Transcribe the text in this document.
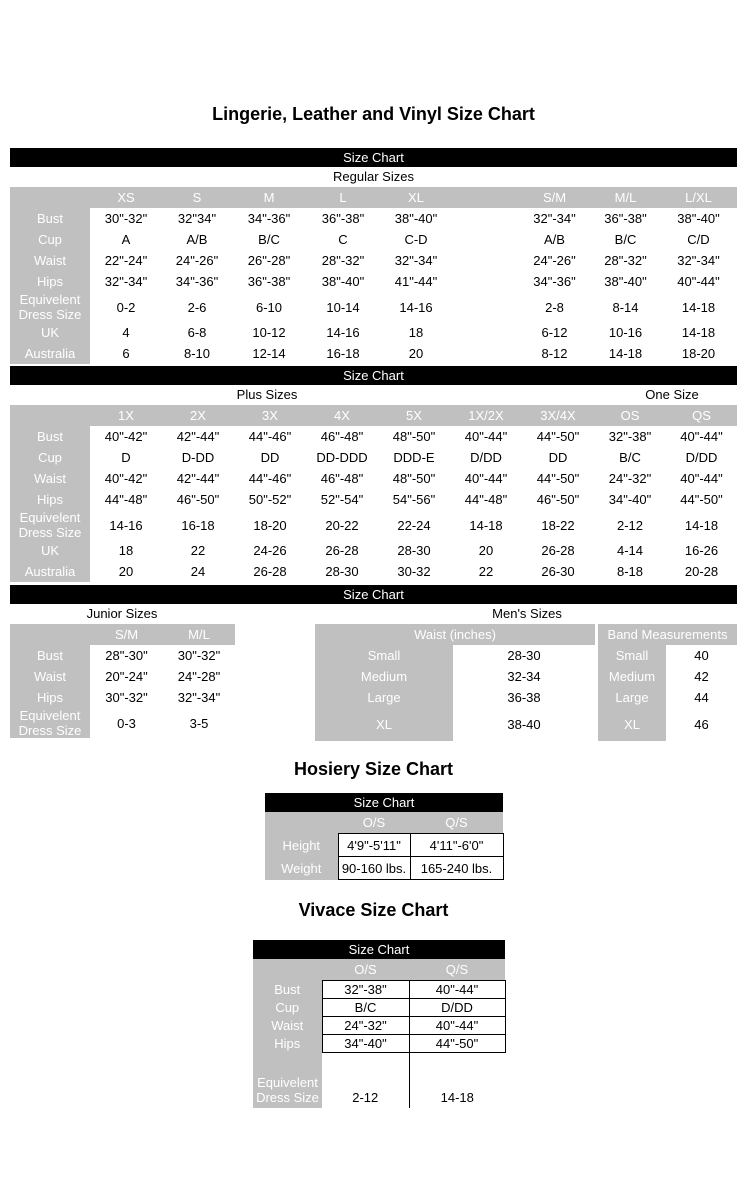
Lingerie, Leather and Vinyl Size Chart
Size Chart
Regular Sizes
	XS	S	M	L	XL		S/M	M/L	L/XL
Bust	30"-32"	32"34"	34"-36"	36"-38"	38"-40"		32"-34"	36"-38"	38"-40"
Cup	A	A/B	B/C	C	C-D		A/B	B/C	C/D
Waist	22"-24"	24"-26"	26"-28"	28"-32"	32"-34"		24"-26"	28"-32"	32"-34"
Hips	32"-34"	34"-36"	36"-38"	38"-40"	41"-44"		34"-36"	38"-40"	40"-44"
Equivelent Dress Size	0-2	2-6	6-10	10-14	14-16		2-8	8-14	14-18
UK	4	6-8	10-12	14-16	18		6-12	10-16	14-18
Australia	6	8-10	12-14	16-18	20		8-12	14-18	18-20
Size Chart
Plus Sizes	One Size
	1X	2X	3X	4X	5X	1X/2X	3X/4X	OS	QS
Bust	40"-42"	42"-44"	44"-46"	46"-48"	48"-50"	40"-44"	44"-50"	32"-38"	40"-44"
Cup	D	D-DD	DD	DD-DDD	DDD-E	D/DD	DD	B/C	D/DD
Waist	40"-42"	42"-44"	44"-46"	46"-48"	48"-50"	40"-44"	44"-50"	24"-32"	40"-44"
Hips	44"-48"	46"-50"	50"-52"	52"-54"	54"-56"	44"-48"	46"-50"	34"-40"	44"-50"
Equivelent Dress Size	14-16	16-18	18-20	20-22	22-24	14-18	18-22	2-12	14-18
UK	18	22	24-26	26-28	28-30	20	26-28	4-14	16-26
Australia	20	24	26-28	28-30	30-32	22	26-30	8-18	20-28
Size Chart
Junior Sizes	Men's Sizes
	S/M	M/L
Bust	28"-30"	30"-32"
Waist	20"-24"	24"-28"
Hips	30"-32"	32"-34"
Equivelent Dress Size	0-3	3-5
Waist (inches)			Band Measurements	
Small	28-30		Small	40
Medium	32-34		Medium	42
Large	36-38		Large	44
XL	38-40		XL	46
Hosiery Size Chart
Size Chart
	O/S	Q/S
Height	4'9"-5'11"	4'11"-6'0"
Weight	90-160 lbs.	165-240 lbs.
Vivace Size Chart
Size Chart
	O/S	Q/S
Bust	32"-38"	40"-44"
Cup	B/C	D/DD
Waist	24"-32"	40"-44"
Hips	34"-40"	44"-50"
Equivelent Dress Size	2-12	14-18
